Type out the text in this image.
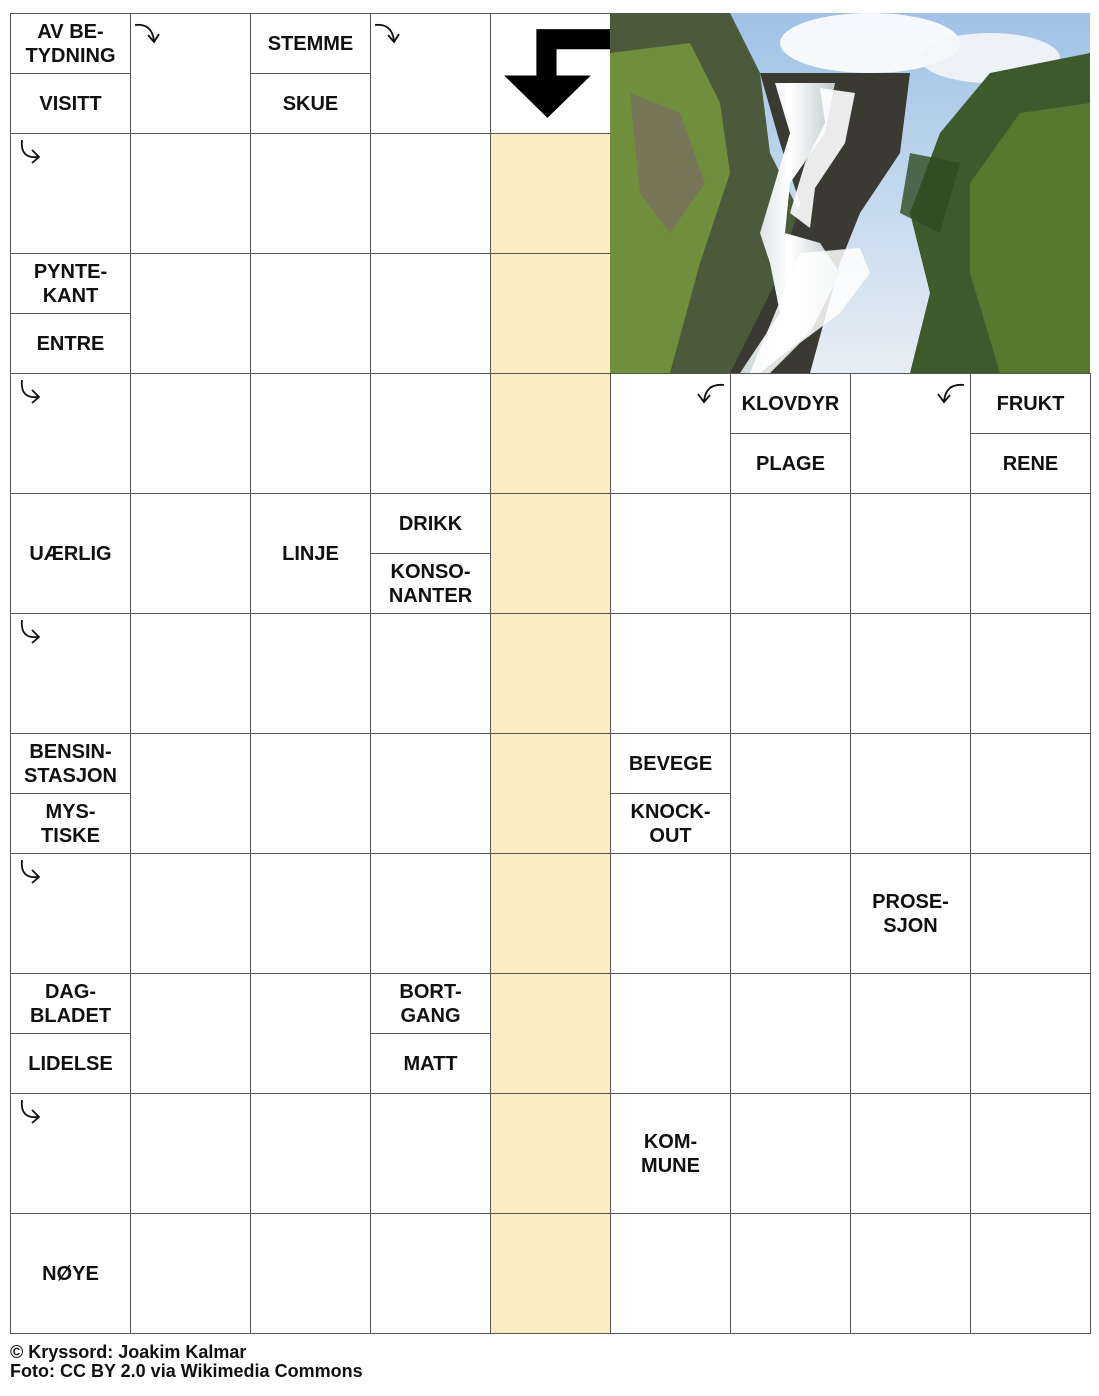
AV BE-
TYDNING
VISITT
STEMME
SKUE
PYNTE-
KANT
ENTRE
KLOVDYR
PLAGE
FRUKT
RENE
UÆRLIG	LINJE
DRIKK
KONSO-
NANTER
BENSIN-
STASJON
MYS-
TISKE
BEVEGE
KNOCK-
OUT
PROSE-
SJON
DAG-
BLADET
LIDELSE
BORT-
GANG
MATT
KOM-
MUNE
NØYE
© Kryssord: Joakim Kalmar
Foto: CC BY 2.0 via Wikimedia Commons
